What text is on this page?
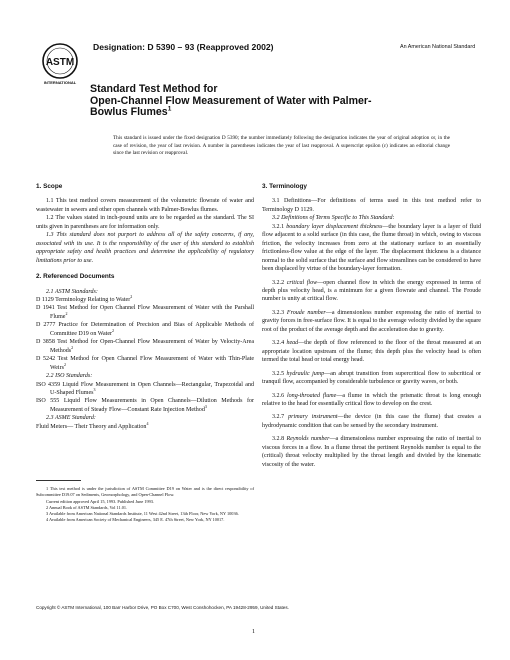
ASTM
INTERNATIONAL
Designation: D 5390 – 93 (Reapproved 2002)	An American National Standard
Standard Test Method for
Open-Channel Flow Measurement of Water with Palmer-
Bowlus Flumes$^1$
This standard is issued under the fixed designation D 5390; the number immediately following the designation indicates the year of original adoption or, in the case of revision, the year of last revision. A number in parentheses indicates the year of last reapproval. A superscript epsilon (ε) indicates an editorial change since the last revision or reapproval.

1. Scope

1.1 This test method covers measurement of the volumetric flowrate of water and wastewater in sewers and other open channels with Palmer-Bowlus flumes.

1.2 The values stated in inch-pound units are to be regarded as the standard. The SI units given in parentheses are for information only.

1.3 This standard does not purport to address all of the safety concerns, if any, associated with its use. It is the responsibility of the user of this standard to establish appropriate safety and health practices and determine the applicability of regulatory limitations prior to use.

2. Referenced Documents

2.1 ASTM Standards:

D 1129 Terminology Relating to Water$^2$

D 1941 Test Method for Open Channel Flow Measurement of Water with the Parshall Flume$^2$

D 2777 Practice for Determination of Precision and Bias of Applicable Methods of Committee D19 on Water$^2$

D 3858 Test Method for Open-Channel Flow Measurement of Water by Velocity-Area Methods$^2$

D 5242 Test Method for Open Channel Flow Measurement of Water with Thin-Plate Weirs$^2$

2.2 ISO Standards:

ISO 4359 Liquid Flow Measurement in Open Channels—Rectangular, Trapezoidal and U-Shaped Flumes$^3$

ISO 555 Liquid Flow Measurements in Open Channels—Dilution Methods for Measurement of Steady Flow—Constant Rate Injection Method$^3$

2.3 ASME Standard:

Fluid Meters— Their Theory and Application$^4$

1 This test method is under the jurisdiction of ASTM Committee D19 on Water and is the direct responsibility of Subcommittee D19.07 on Sediments, Geomorphology, and Open-Channel Flow.

Current edition approved April 15, 1993. Published June 1993.

2 Annual Book of ASTM Standards, Vol 11.01.

3 Available from American National Standards Institute, 11 West 42nd Street, 13th Floor, New York, NY 10036.

4 Available from American Society of Mechanical Engineers, 345 E. 47th Street, New York, NY 10017.

3. Terminology

3.1 Definitions—For definitions of terms used in this test method refer to Terminology D 1129.

3.2 Definitions of Terms Specific to This Standard:

3.2.1 boundary layer displacement thickness—the boundary layer is a layer of fluid flow adjacent to a solid surface (in this case, the flume throat) in which, owing to viscous friction, the velocity increases from zero at the stationary surface to an essentially frictionless-flow value at the edge of the layer. The displacement thickness is a distance normal to the solid surface that the surface and flow streamlines can be considered to have been displaced by virtue of the boundary-layer formation.

3.2.2 critical flow—open channel flow in which the energy expressed in terms of depth plus velocity head, is a minimum for a given flowrate and channel. The Froude number is unity at critical flow.

3.2.3 Froude number—a dimensionless number expressing the ratio of inertial to gravity forces in free-surface flow. It is equal to the average velocity divided by the square root of the product of the average depth and the acceleration due to gravity.

3.2.4 head—the depth of flow referenced to the floor of the throat measured at an appropriate location upstream of the flume; this depth plus the velocity head is often termed the total head or total energy head.

3.2.5 hydraulic jump—an abrupt transition from supercritical flow to subcritical or tranquil flow, accompanied by considerable turbulence or gravity waves, or both.

3.2.6 long-throated flume—a flume in which the prismatic throat is long enough relative to the head for essentially critical flow to develop on the crest.

3.2.7 primary instrument—the device (in this case the flume) that creates a hydrodynamic condition that can be sensed by the secondary instrument.

3.2.8 Reynolds number—a dimensionless number expressing the ratio of inertial to viscous forces in a flow. In a flume throat the pertinent Reynolds number is equal to the (critical) throat velocity multiplied by the throat length and divided by the kinematic viscosity of the water.

Copyright © ASTM International, 100 Barr Harbor Drive, PO Box C700, West Conshohocken, PA 19428-2959, United States.
1
